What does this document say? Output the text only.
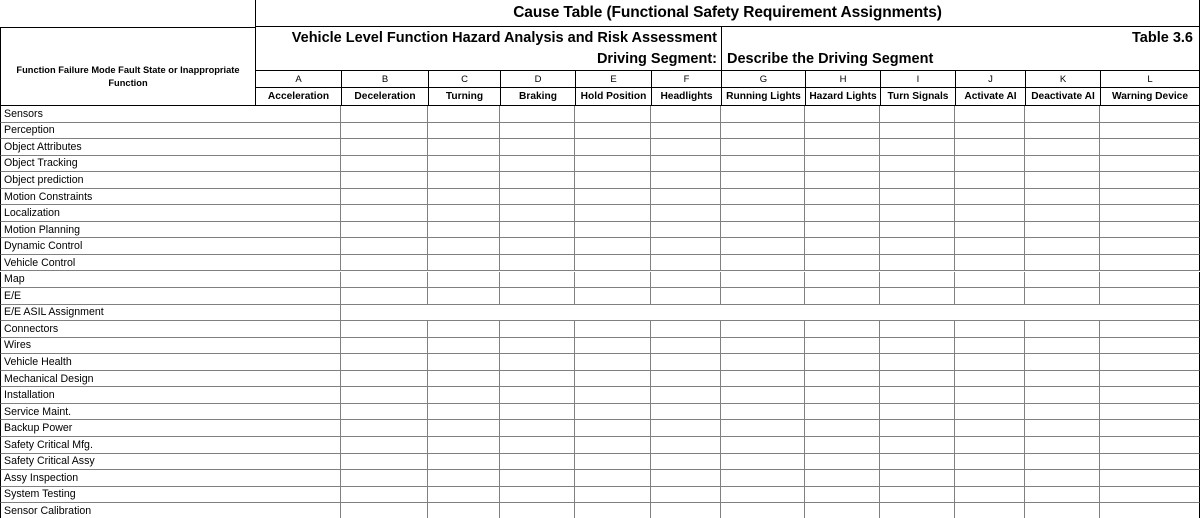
Cause Table (Functional Safety Requirement Assignments)
Vehicle Level Function Hazard Analysis and Risk Assessment
Driving Segment:
Table 3.6
Describe the Driving Segment
Function Failure Mode Fault State or Inappropriate Function	A
Acceleration
B
Deceleration
C
Turning
D
Braking
E
Hold Position
F
Headlights
G
Running Lights
H
Hazard Lights
I
Turn Signals
J
Activate AI
K
Deactivate AI
L
Warning Device
Sensors
Perception
Object Attributes
Object Tracking
Object prediction
Motion Constraints
Localization
Motion Planning
Dynamic Control
Vehicle Control
Map
E/E
E/E ASIL Assignment
Connectors
Wires
Vehicle Health
Mechanical Design
Installation
Service Maint.
Backup Power
Safety Critical Mfg.
Safety Critical Assy
Assy Inspection
System Testing
Sensor Calibration
